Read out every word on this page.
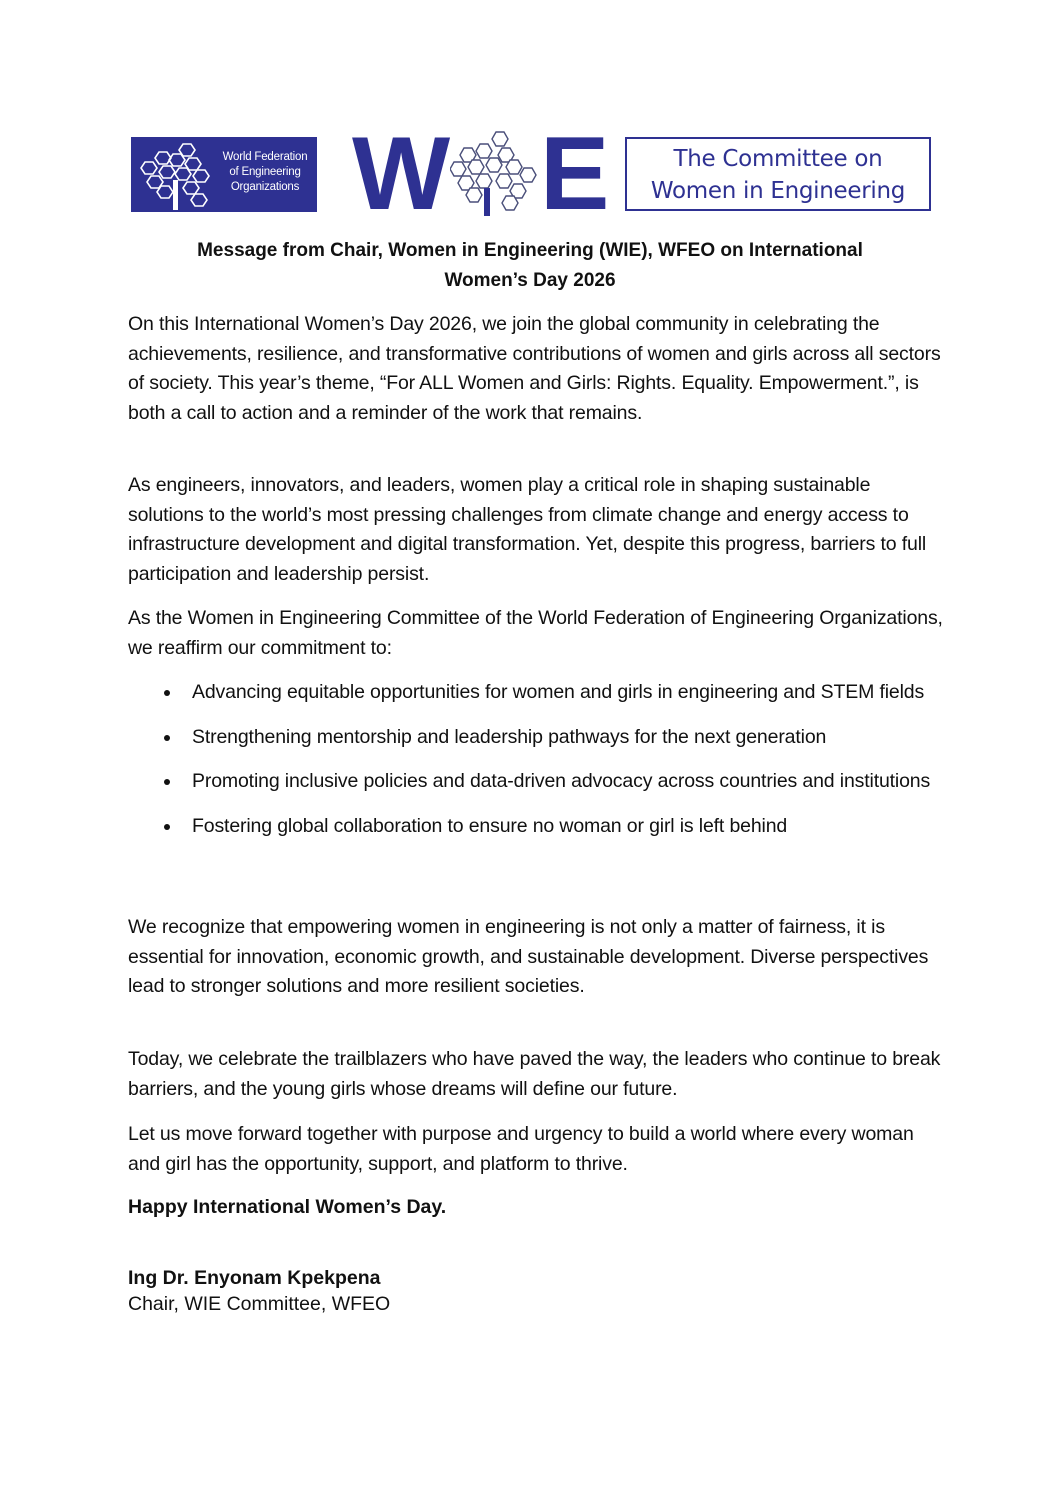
World Federation
of Engineering
Organizations W E	The Committee on
Women in Engineering
Message from Chair, Women in Engineering (WIE), WFEO on International
Women’s Day 2026
On this International Women’s Day 2026, we join the global community in celebrating the achievements, resilience, and transformative contributions of women and girls across all sectors of society. This year’s theme, “For ALL Women and Girls: Rights. Equality. Empowerment.”, is both a call to action and a reminder of the work that remains.
As engineers, innovators, and leaders, women play a critical role in shaping sustainable solutions to the world’s most pressing challenges from climate change and energy access to infrastructure development and digital transformation. Yet, despite this progress, barriers to full participation and leadership persist.
As the Women in Engineering Committee of the World Federation of Engineering Organizations, we reaffirm our commitment to:
Advancing equitable opportunities for women and girls in engineering and STEM fields
Strengthening mentorship and leadership pathways for the next generation
Promoting inclusive policies and data-driven advocacy across countries and institutions
Fostering global collaboration to ensure no woman or girl is left behind
We recognize that empowering women in engineering is not only a matter of fairness, it is essential for innovation, economic growth, and sustainable development. Diverse perspectives lead to stronger solutions and more resilient societies.
Today, we celebrate the trailblazers who have paved the way, the leaders who continue to break barriers, and the young girls whose dreams will define our future.
Let us move forward together with purpose and urgency to build a world where every woman and girl has the opportunity, support, and platform to thrive.
Happy International Women’s Day.
Ing Dr. Enyonam Kpekpena
Chair, WIE Committee, WFEO
